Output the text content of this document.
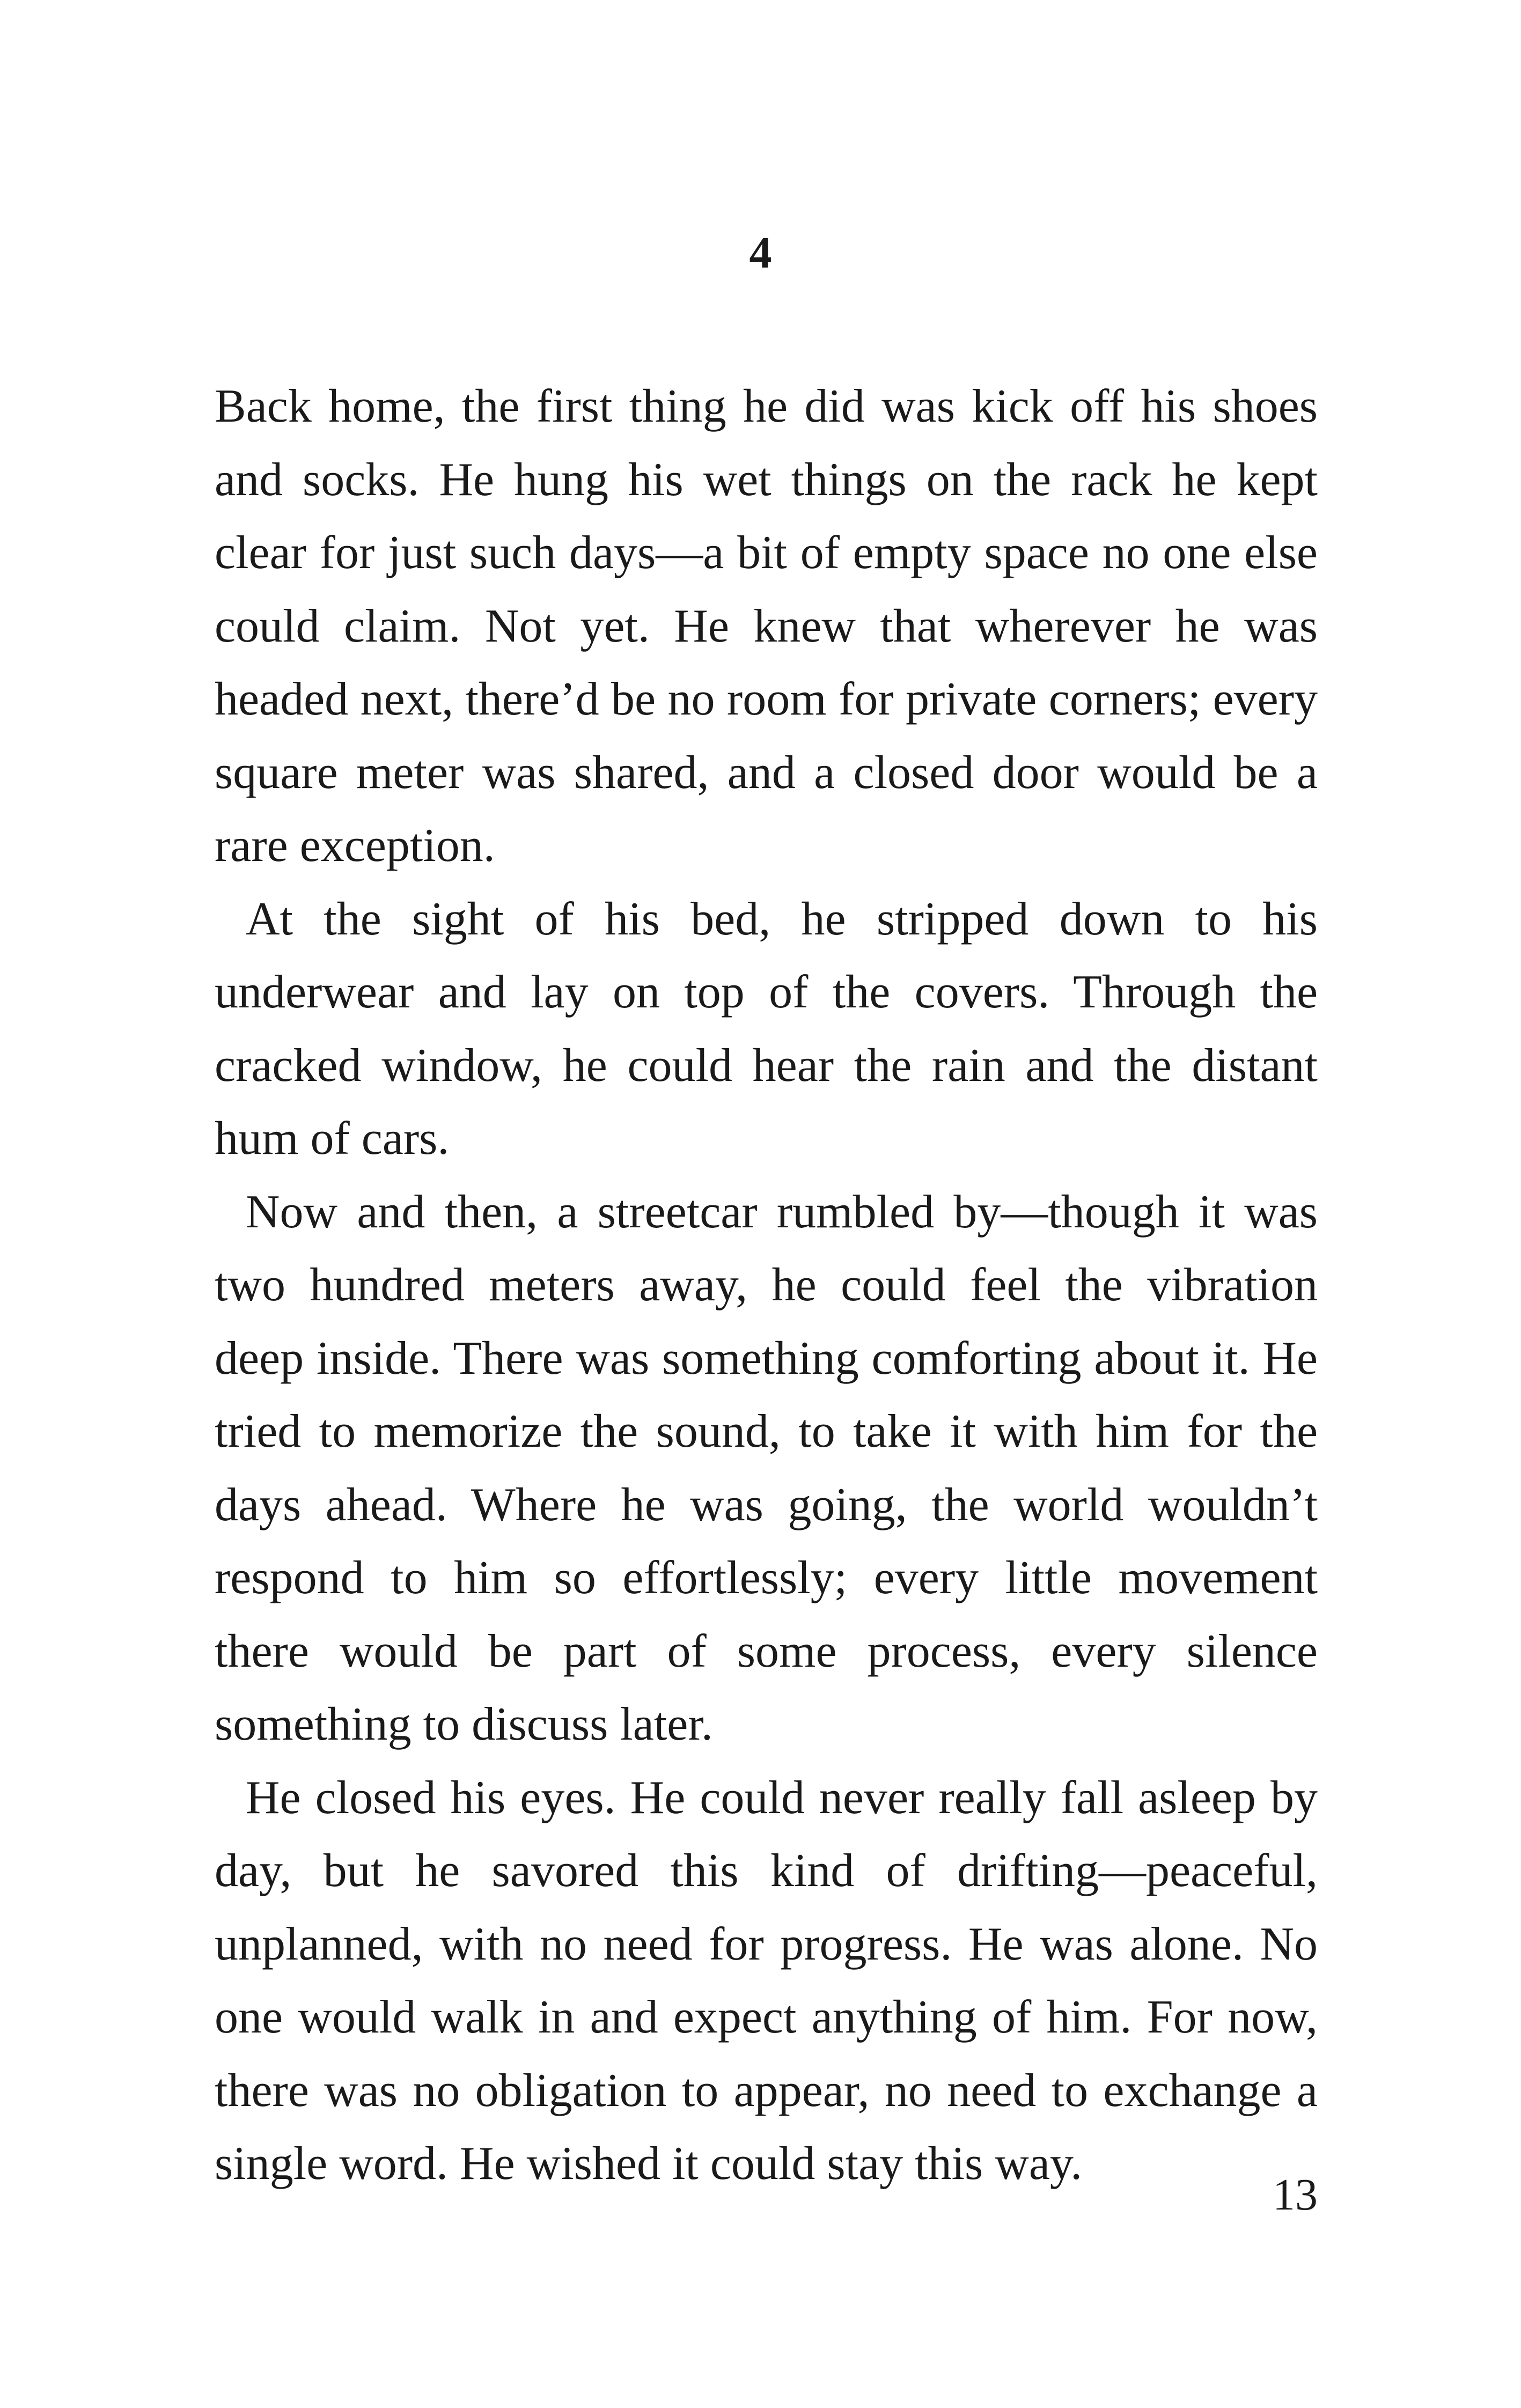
4

Back home, the first thing he did was kick off his shoes and socks. He hung his wet things on the rack he kept clear for just such days—a bit of empty space no one else could claim. Not yet. He knew that wherever he was headed next, there’d be no room for private corners; every square meter was shared, and a closed door would be a rare exception.

At the sight of his bed, he stripped down to his underwear and lay on top of the covers. Through the cracked window, he could hear the rain and the distant hum of cars.

Now and then, a streetcar rumbled by—though it was two hundred meters away, he could feel the vibration deep inside. There was something comforting about it. He tried to memorize the sound, to take it with him for the days ahead. Where he was going, the world wouldn’t respond to him so effortlessly; every little movement there would be part of some process, every silence something to discuss later.

He closed his eyes. He could never really fall asleep by day, but he savored this kind of drifting—peaceful, unplanned, with no need for progress. He was alone. No one would walk in and expect anything of him. For now, there was no obligation to appear, no need to exchange a single word. He wished it could stay this way.

13
